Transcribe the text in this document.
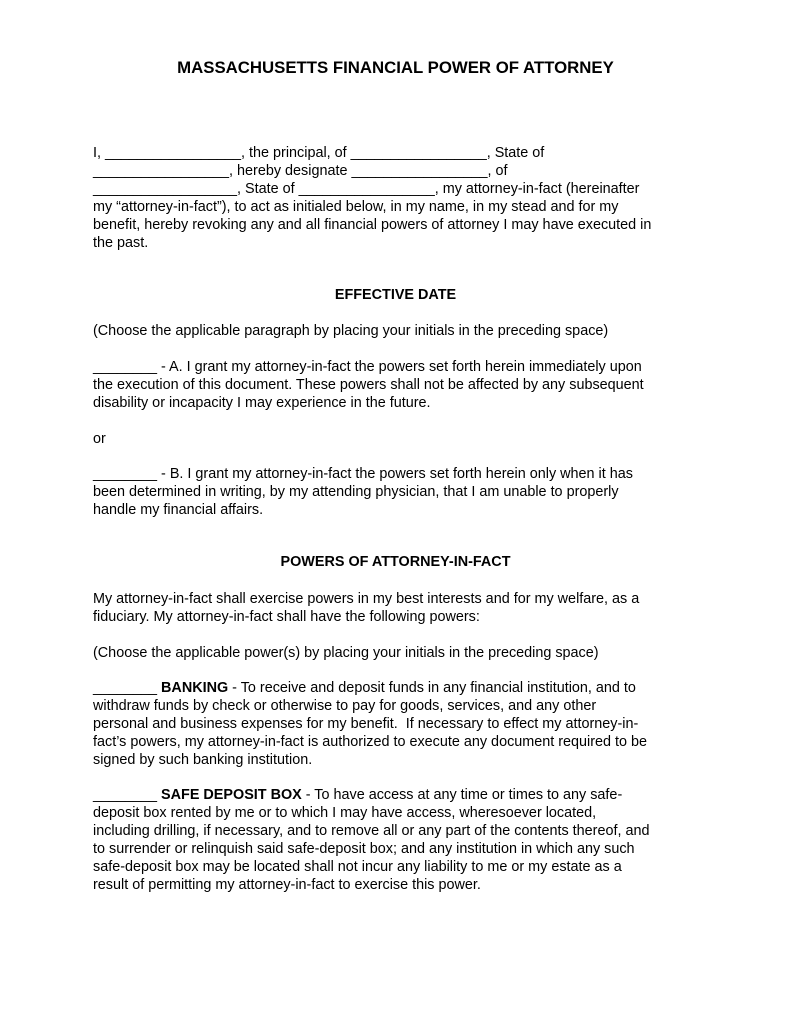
MASSACHUSETTS FINANCIAL POWER OF ATTORNEY
I, _________________, the principal, of _________________, State of
_________________, hereby designate _________________, of
__________________, State of _________________, my attorney-in-fact (hereinafter
my “attorney-in-fact”), to act as initialed below, in my name, in my stead and for my
benefit, hereby revoking any and all financial powers of attorney I may have executed in
the past.
EFFECTIVE DATE

(Choose the applicable paragraph by placing your initials in the preceding space)

________ - A. I grant my attorney-in-fact the powers set forth herein immediately upon
the execution of this document. These powers shall not be affected by any subsequent
disability or incapacity I may experience in the future.

or

________ - B. I grant my attorney-in-fact the powers set forth herein only when it has
been determined in writing, by my attending physician, that I am unable to properly
handle my financial affairs.
POWERS OF ATTORNEY-IN-FACT
My attorney-in-fact shall exercise powers in my best interests and for my welfare, as a
fiduciary. My attorney-in-fact shall have the following powers:

(Choose the applicable power(s) by placing your initials in the preceding space)

________ BANKING - To receive and deposit funds in any financial institution, and to
withdraw funds by check or otherwise to pay for goods, services, and any other
personal and business expenses for my benefit.  If necessary to effect my attorney-in-
fact’s powers, my attorney-in-fact is authorized to execute any document required to be
signed by such banking institution.
________ SAFE DEPOSIT BOX - To have access at any time or times to any safe-
deposit box rented by me or to which I may have access, wheresoever located,
including drilling, if necessary, and to remove all or any part of the contents thereof, and
to surrender or relinquish said safe-deposit box; and any institution in which any such
safe-deposit box may be located shall not incur any liability to me or my estate as a
result of permitting my attorney-in-fact to exercise this power.
